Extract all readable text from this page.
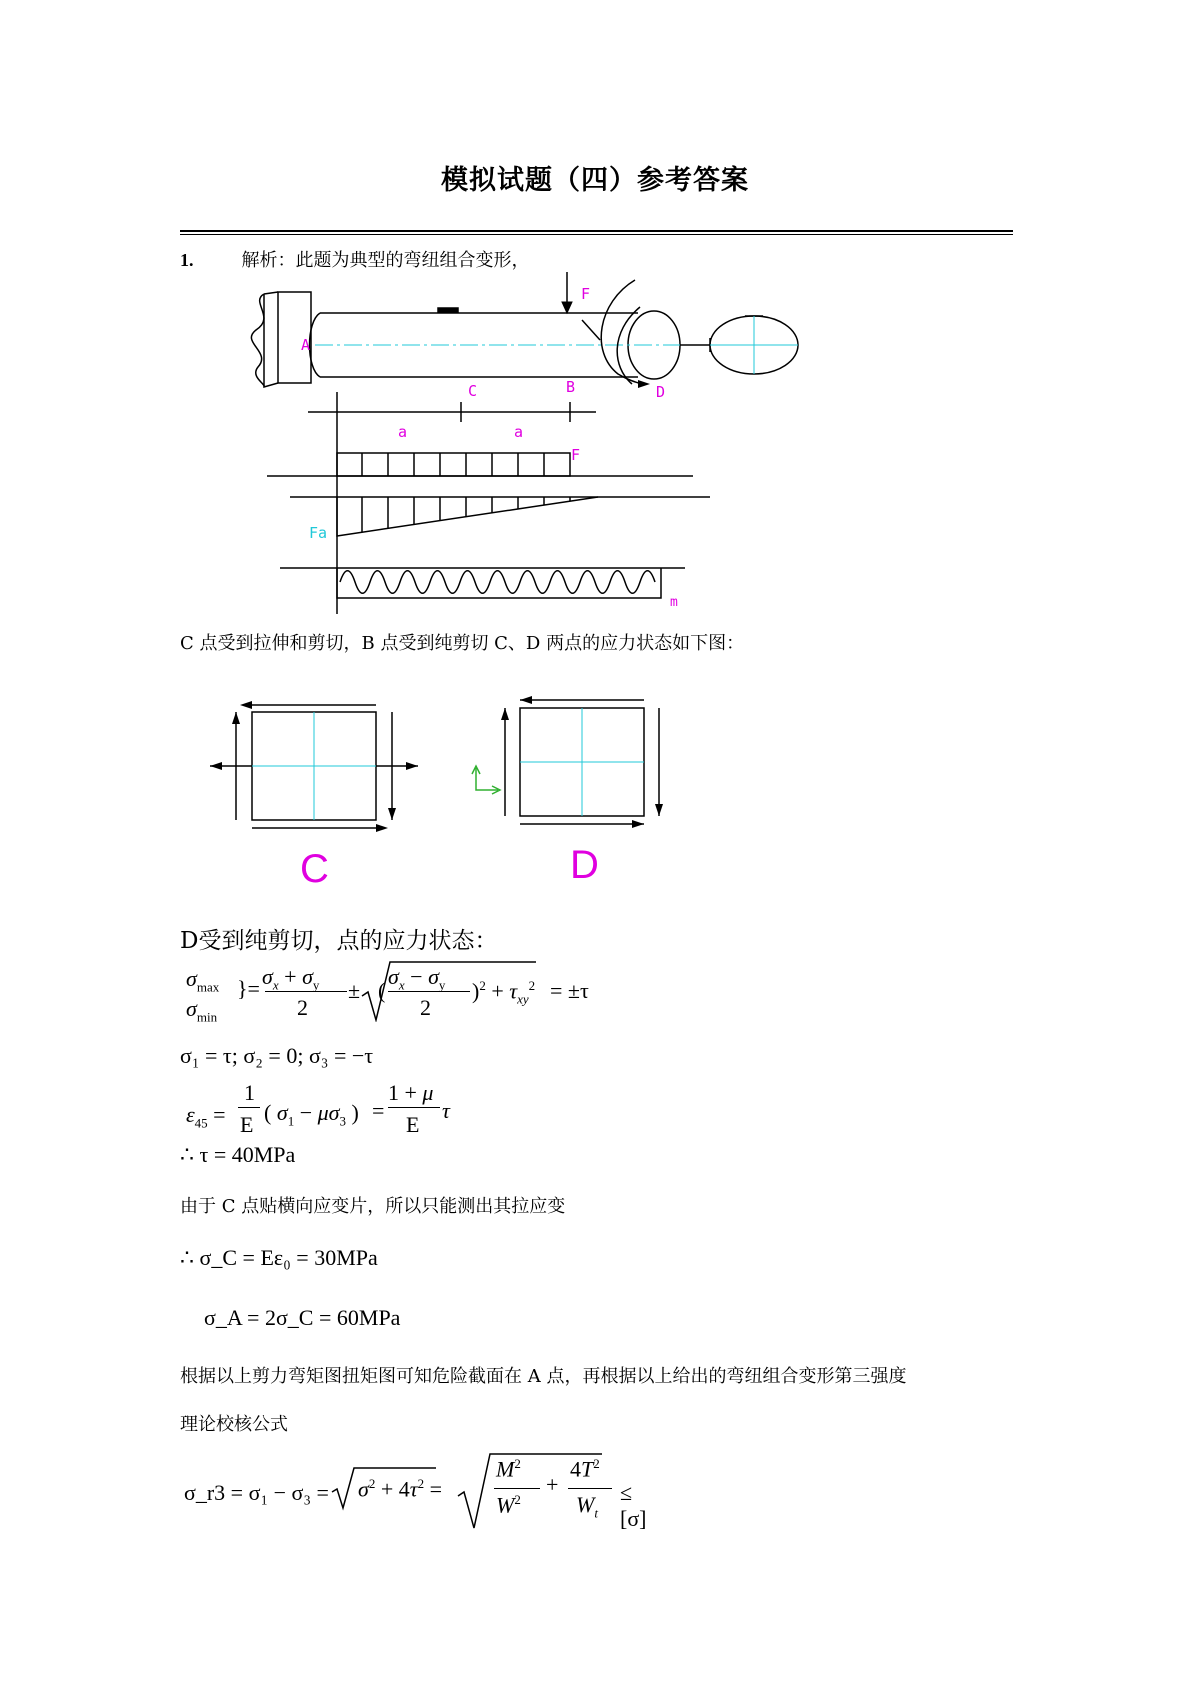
模拟试题（四）参考答案
1.	解析：此题为典型的弯纽组合变形，
A
F
C	B	D
a	a
F
Fa
m
C 点受到拉伸和剪切，B 点受到纯剪切 C、D 两点的应力状态如下图：
C	D
D受到纯剪切，点的应力状态：
$\sigma_{max}$
$\sigma_{min}$
}= $\sigma_x + \sigma_y$
2
± (
$\sigma_x - \sigma_y$
2
)$^2 + \tau_{xy}^2 = \pm\tau$
σ₁ = τ; σ₂ = 0; σ₃ = −τ
$\varepsilon_{45}$ =
1
E ( $\sigma_1 - \mu\sigma_3$ ) =
1 + μ
E
τ
∴ τ = 40MPa
由于 C 点贴横向应变片，所以只能测出其拉应变
∴ σ_C = Eε₀ = 30MPa
σ_A = 2σ_C = 60MPa
根据以上剪力弯矩图扭矩图可知危险截面在 A 点，再根据以上给出的弯纽组合变形第三强度
理论校核公式
σ_r3 = $\sigma_1 - \sigma_3 = \sigma^2 + 4\tau^2$ =
$M^2$
$W^2$
+
$4T^2$
$W_t$
≤ [σ]
